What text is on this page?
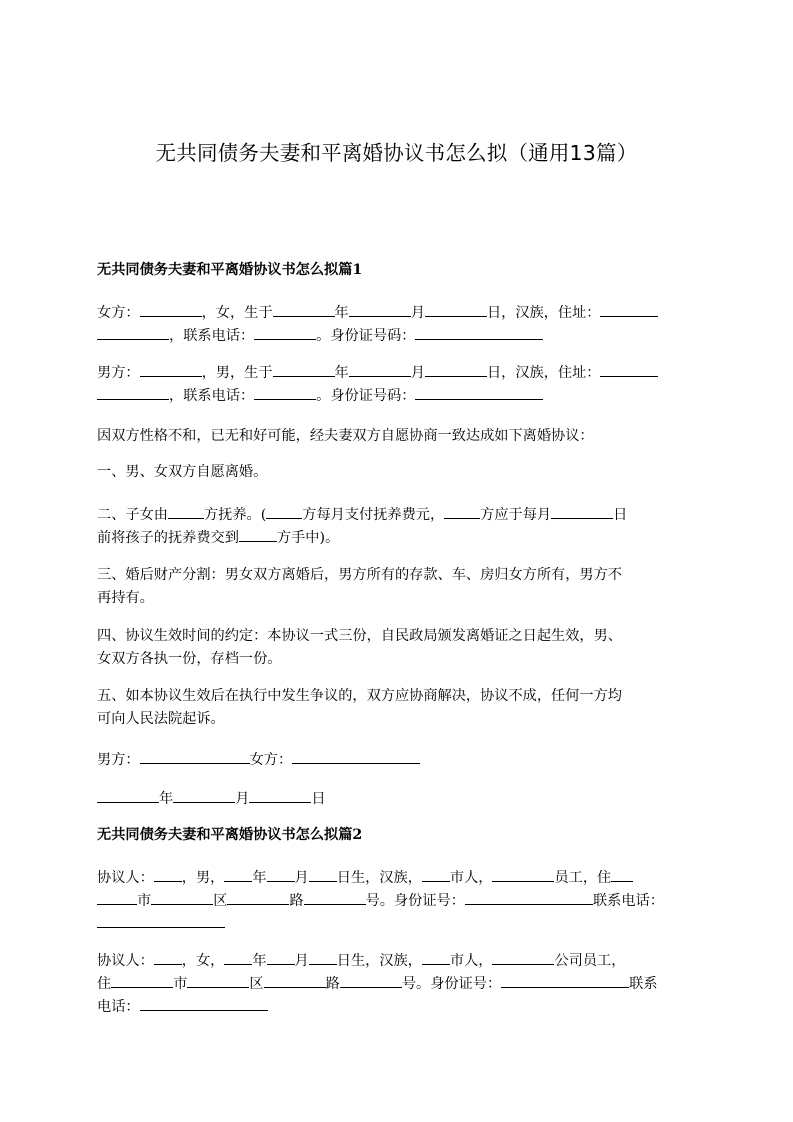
无共同债务夫妻和平离婚协议书怎么拟（通用13篇）
无共同债务夫妻和平离婚协议书怎么拟篇1
女方：	，女，生于	年	月	日，汉族，住址：
，联系电话：	。身份证号码：
男方：	，男，生于	年	月	日，汉族，住址：
，联系电话：	。身份证号码：
因双方性格不和，已无和好可能，经夫妻双方自愿协商一致达成如下离婚协议：
一、男、女双方自愿离婚。
二、子女由	方抚养。(	方每月支付抚养费元，	方应于每月	日
前将孩子的抚养费交到	方手中)。
三、婚后财产分割：男女双方离婚后，男方所有的存款、车、房归女方所有，男方不
再持有。
四、协议生效时间的约定：本协议一式三份，自民政局颁发离婚证之日起生效，男、
女双方各执一份，存档一份。
五、如本协议生效后在执行中发生争议的，双方应协商解决，协议不成，任何一方均
可向人民法院起诉。
男方：	女方：
年	月	日
无共同债务夫妻和平离婚协议书怎么拟篇2
协议人： ，男， 年 月 日生，汉族， 市人，	员工，住
市	区	路	号。身份证号：	联系电话：
协议人： ，女， 年 月 日生，汉族， 市人，	公司员工，
住	市	区	路	号。身份证号：	联系
电话：
